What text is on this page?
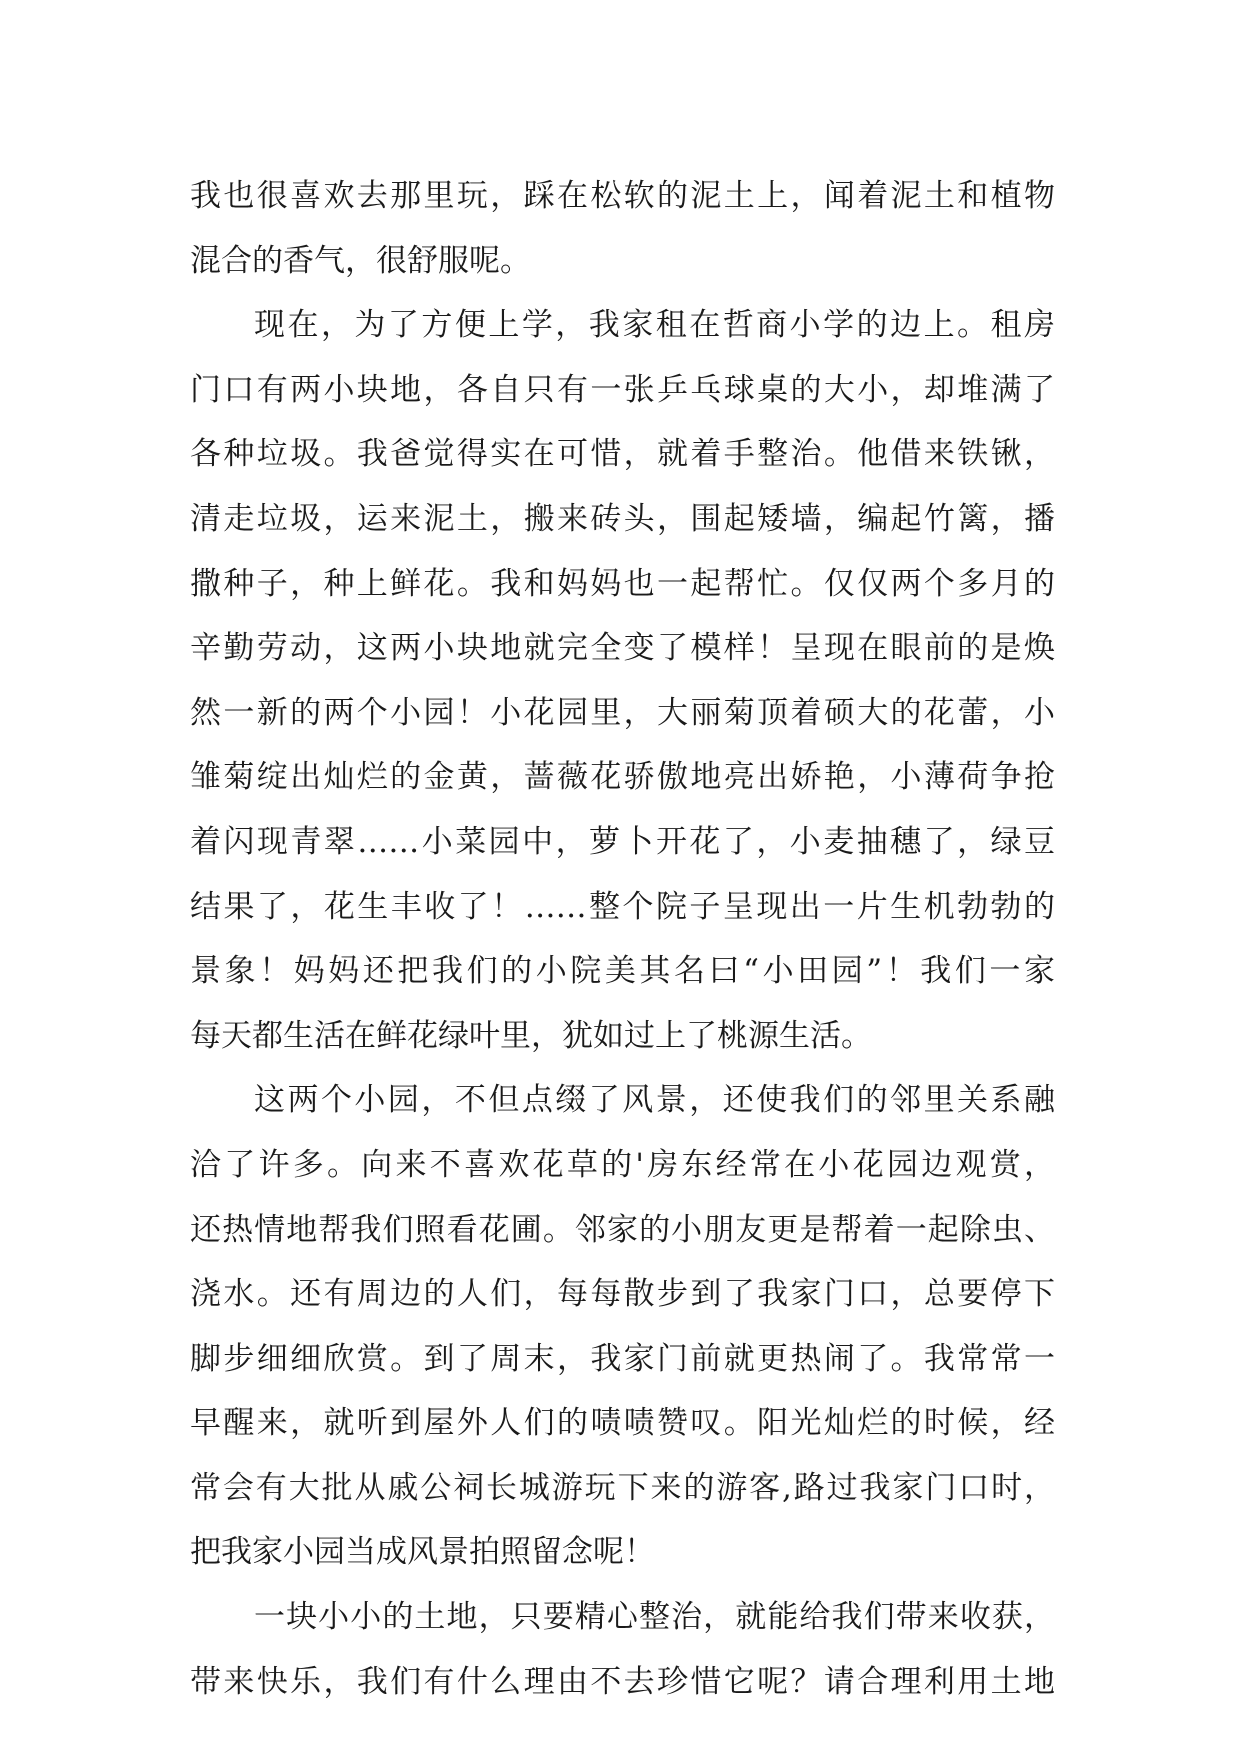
我也很喜欢去那里玩，踩在松软的泥土上，闻着泥土和植物
混合的香气，很舒服呢。
现在，为了方便上学，我家租在哲商小学的边上。租房
门口有两小块地，各自只有一张乒乓球桌的大小，却堆满了
各种垃圾。我爸觉得实在可惜，就着手整治。他借来铁锹，
清走垃圾，运来泥土，搬来砖头，围起矮墙，编起竹篱，播
撒种子，种上鲜花。我和妈妈也一起帮忙。仅仅两个多月的
辛勤劳动，这两小块地就完全变了模样！呈现在眼前的是焕
然一新的两个小园！小花园里，大丽菊顶着硕大的花蕾，小
雏菊绽出灿烂的金黄，蔷薇花骄傲地亮出娇艳，小薄荷争抢
着闪现青翠……小菜园中，萝卜开花了，小麦抽穗了，绿豆
结果了，花生丰收了！……整个院子呈现出一片生机勃勃的
景象！妈妈还把我们的小院美其名曰“小田园”！我们一家
每天都生活在鲜花绿叶里，犹如过上了桃源生活。
这两个小园，不但点缀了风景，还使我们的邻里关系融
洽了许多。向来不喜欢花草的'房东经常在小花园边观赏，
还热情地帮我们照看花圃。邻家的小朋友更是帮着一起除虫、
浇水。还有周边的人们，每每散步到了我家门口，总要停下
脚步细细欣赏。到了周末，我家门前就更热闹了。我常常一
早醒来，就听到屋外人们的啧啧赞叹。阳光灿烂的时候，经
常会有大批从戚公祠长城游玩下来的游客,路过我家门口时，
把我家小园当成风景拍照留念呢！
一块小小的土地，只要精心整治，就能给我们带来收获，
带来快乐，我们有什么理由不去珍惜它呢？请合理利用土地
